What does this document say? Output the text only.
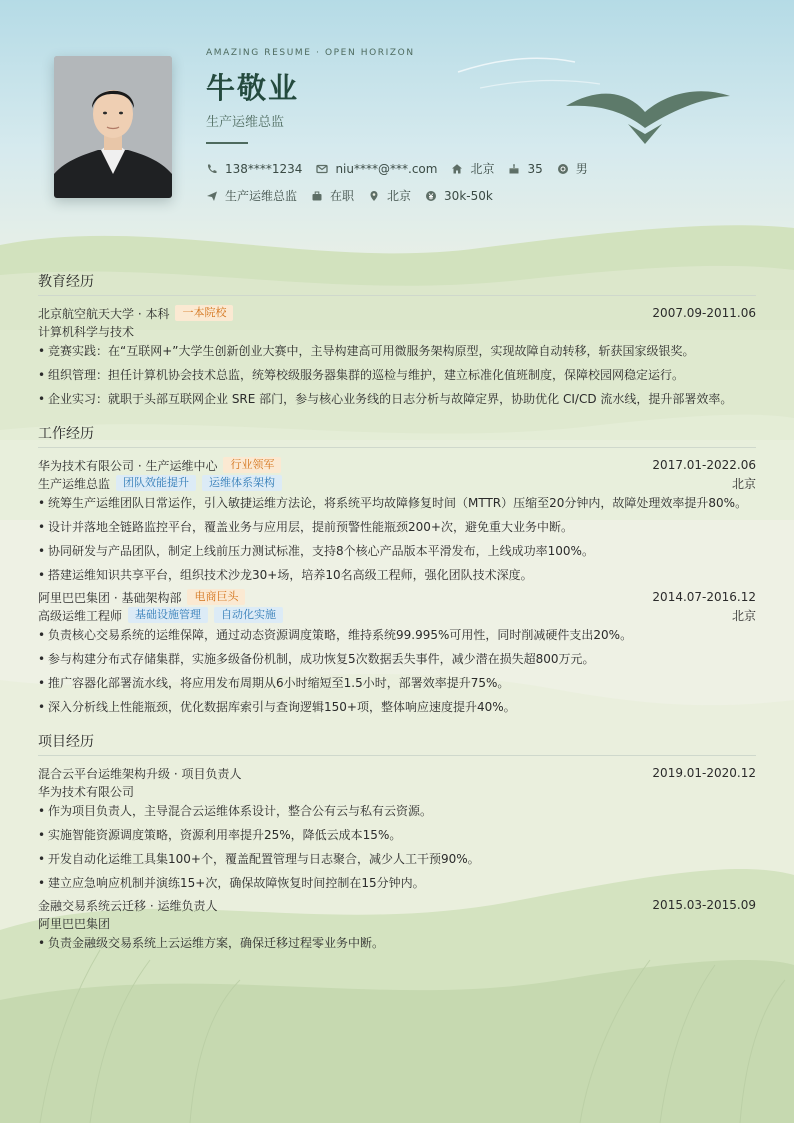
AMAZING RESUME · OPEN HORIZON
牛敬业
生产运维总监
138****1234	niu****@***.com	北京	35	男
生产运维总监	在职	北京	30k-50k
教育经历
北京航空航天大学 · 本科	一本院校	2007.09-2011.06
计算机科学与技术
• 竞赛实践：在“互联网+”大学生创新创业大赛中，主导构建高可用微服务架构原型，实现故障自动转移，斩获国家级银奖。
• 组织管理：担任计算机协会技术总监，统筹校级服务器集群的巡检与维护，建立标准化值班制度，保障校园网稳定运行。
• 企业实习：就职于头部互联网企业 SRE 部门，参与核心业务线的日志分析与故障定界，协助优化 CI/CD 流水线，提升部署效率。
工作经历
华为技术有限公司 · 生产运维中心	行业领军	2017.01-2022.06
生产运维总监	团队效能提升	运维体系架构	北京
• 统筹生产运维团队日常运作，引入敏捷运维方法论，将系统平均故障修复时间（MTTR）压缩至20分钟内，故障处理效率提升80%。
• 设计并落地全链路监控平台，覆盖业务与应用层，提前预警性能瓶颈200+次，避免重大业务中断。
• 协同研发与产品团队，制定上线前压力测试标准，支持8个核心产品版本平滑发布，上线成功率100%。
• 搭建运维知识共享平台，组织技术沙龙30+场，培养10名高级工程师，强化团队技术深度。
阿里巴巴集团 · 基础架构部	电商巨头	2014.07-2016.12
高级运维工程师	基础设施管理	自动化实施	北京
• 负责核心交易系统的运维保障，通过动态资源调度策略，维持系统99.995%可用性，同时削减硬件支出20%。
• 参与构建分布式存储集群，实施多级备份机制，成功恢复5次数据丢失事件，减少潜在损失超800万元。
• 推广容器化部署流水线，将应用发布周期从6小时缩短至1.5小时，部署效率提升75%。
• 深入分析线上性能瓶颈，优化数据库索引与查询逻辑150+项，整体响应速度提升40%。
项目经历
混合云平台运维架构升级 · 项目负责人	2019.01-2020.12
华为技术有限公司
• 作为项目负责人，主导混合云运维体系设计，整合公有云与私有云资源。
• 实施智能资源调度策略，资源利用率提升25%，降低云成本15%。
• 开发自动化运维工具集100+个，覆盖配置管理与日志聚合，减少人工干预90%。
• 建立应急响应机制并演练15+次，确保故障恢复时间控制在15分钟内。
金融交易系统云迁移 · 运维负责人	2015.03-2015.09
阿里巴巴集团
• 负责金融级交易系统上云运维方案，确保迁移过程零业务中断。
